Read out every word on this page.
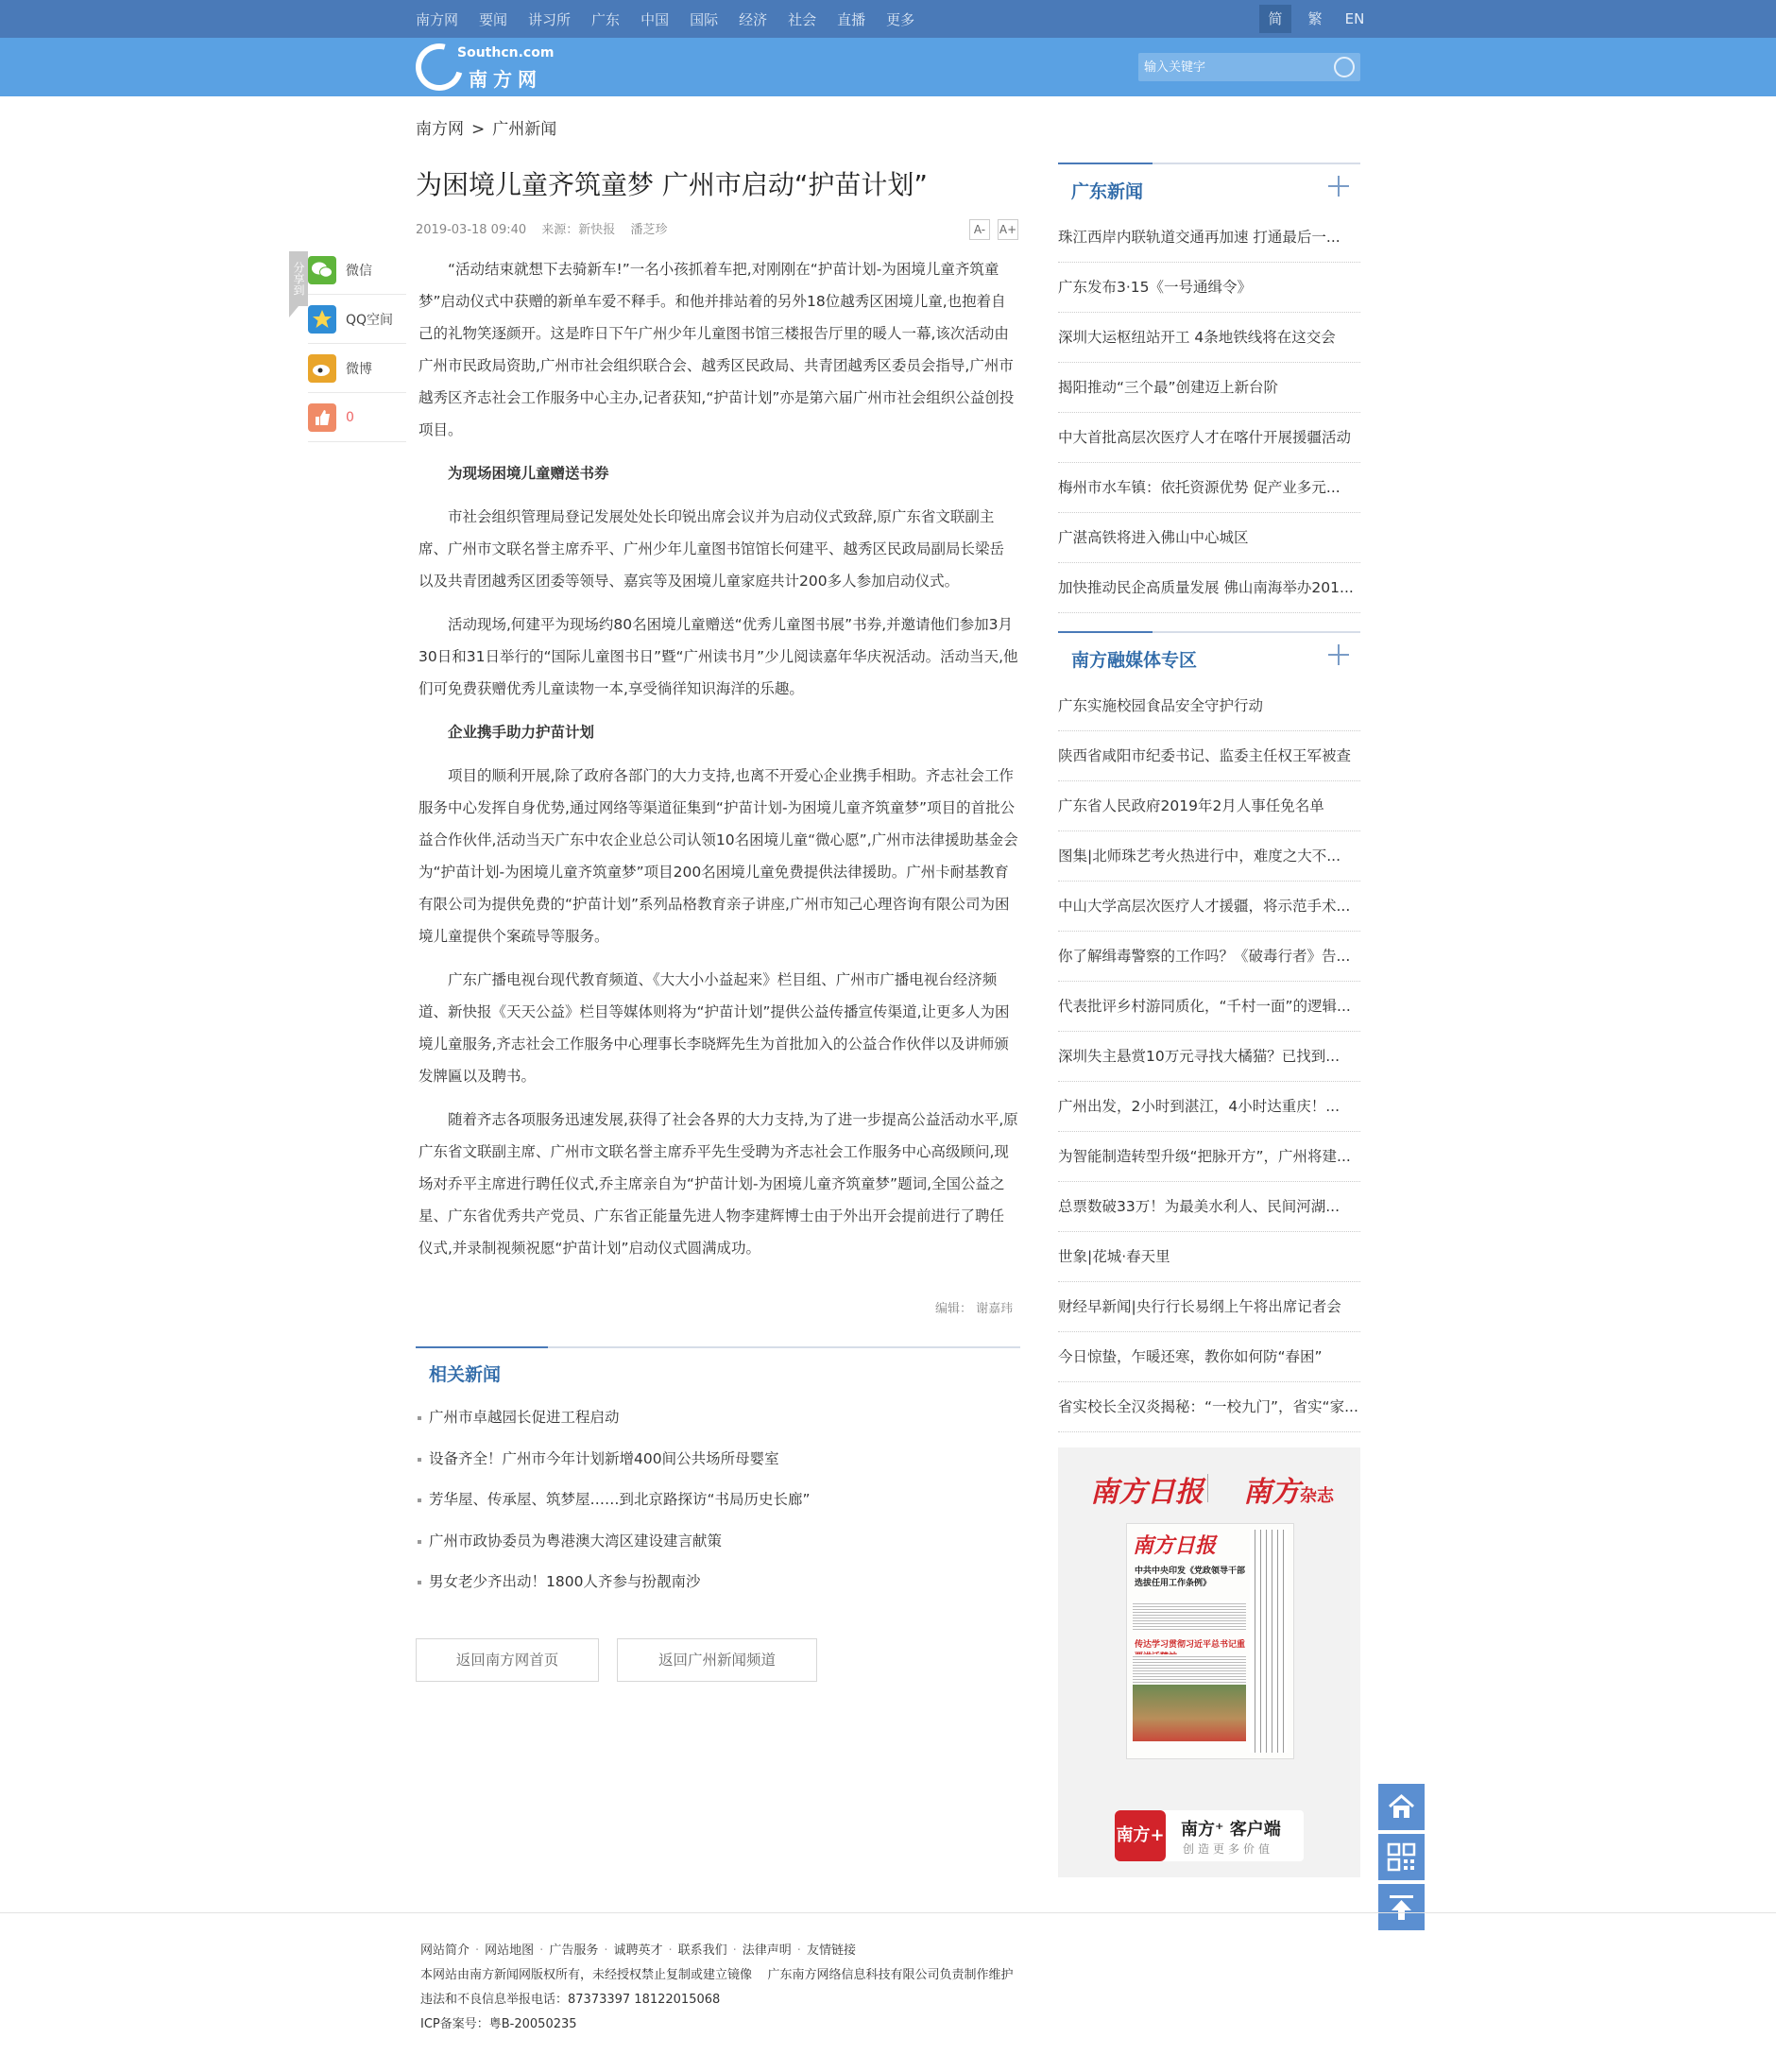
南方网 要闻 讲习所 广东 中国 国际 经济 社会 直播 更多	简	繁	EN
Southcn.com
南方网
输入关键字
南方网 > 广州新闻
为困境儿童齐筑童梦 广州市启动“护苗计划”
2019-03-18 09:40 来源：新快报 潘芝珍	A-	A+

“活动结束就想下去骑新车!”一名小孩抓着车把,对刚刚在“护苗计划-为困境儿童齐筑童梦”启动仪式中获赠的新单车爱不释手。和他并排站着的另外18位越秀区困境儿童,也抱着自己的礼物笑逐颜开。这是昨日下午广州少年儿童图书馆三楼报告厅里的暖人一幕,该次活动由广州市民政局资助,广州市社会组织联合会、越秀区民政局、共青团越秀区委员会指导,广州市越秀区齐志社会工作服务中心主办,记者获知,“护苗计划”亦是第六届广州市社会组织公益创投项目。

为现场困境儿童赠送书券

市社会组织管理局登记发展处处长印锐出席会议并为启动仪式致辞,原广东省文联副主席、广州市文联名誉主席乔平、广州少年儿童图书馆馆长何建平、越秀区民政局副局长梁岳以及共青团越秀区团委等领导、嘉宾等及困境儿童家庭共计200多人参加启动仪式。

活动现场,何建平为现场约80名困境儿童赠送“优秀儿童图书展”书券,并邀请他们参加3月30日和31日举行的“国际儿童图书日”暨“广州读书月”少儿阅读嘉年华庆祝活动。活动当天,他们可免费获赠优秀儿童读物一本,享受徜徉知识海洋的乐趣。

企业携手助力护苗计划

项目的顺利开展,除了政府各部门的大力支持,也离不开爱心企业携手相助。齐志社会工作服务中心发挥自身优势,通过网络等渠道征集到“护苗计划-为困境儿童齐筑童梦”项目的首批公益合作伙伴,活动当天广东中农企业总公司认领10名困境儿童“微心愿”,广州市法律援助基金会为“护苗计划-为困境儿童齐筑童梦”项目200名困境儿童免费提供法律援助。广州卡耐基教育有限公司为提供免费的“护苗计划”系列品格教育亲子讲座,广州市知己心理咨询有限公司为困境儿童提供个案疏导等服务。

广东广播电视台现代教育频道、《大大小小益起来》栏目组、广州市广播电视台经济频道、新快报《天天公益》栏目等媒体则将为“护苗计划”提供公益传播宣传渠道,让更多人为困境儿童服务,齐志社会工作服务中心理事长李晓辉先生为首批加入的公益合作伙伴以及讲师颁发牌匾以及聘书。

随着齐志各项服务迅速发展,获得了社会各界的大力支持,为了进一步提高公益活动水平,原广东省文联副主席、广州市文联名誉主席乔平先生受聘为齐志社会工作服务中心高级顾问,现场对乔平主席进行聘任仪式,乔主席亲自为“护苗计划-为困境儿童齐筑童梦”题词,全国公益之星、广东省优秀共产党员、广东省正能量先进人物李建辉博士由于外出开会提前进行了聘任仪式,并录制视频祝愿“护苗计划”启动仪式圆满成功。

编辑： 谢嘉玮
分享到	微信
QQ空间
微博
0
相关新闻
广州市卓越园长促进工程启动
设备齐全！广州市今年计划新增400间公共场所母婴室
芳华屋、传承屋、筑梦屋……到北京路探访“书局历史长廊”
广州市政协委员为粤港澳大湾区建设建言献策
男女老少齐出动！1800人齐参与扮靓南沙
返回南方网首页	返回广州新闻频道
广东新闻
珠江西岸内联轨道交通再加速 打通最后一...
广东发布3·15《一号通缉令》
深圳大运枢纽站开工 4条地铁线将在这交会
揭阳推动“三个最”创建迈上新台阶
中大首批高层次医疗人才在喀什开展援疆活动
梅州市水车镇：依托资源优势 促产业多元...
广湛高铁将进入佛山中心城区
加快推动民企高质量发展 佛山南海举办201...
南方融媒体专区
广东实施校园食品安全守护行动
陕西省咸阳市纪委书记、监委主任权王军被查
广东省人民政府2019年2月人事任免名单
图集|北师珠艺考火热进行中，难度之大不...
中山大学高层次医疗人才援疆，将示范手术...
你了解缉毒警察的工作吗？《破毒行者》告...
代表批评乡村游同质化，“千村一面”的逻辑...
深圳失主悬赏10万元寻找大橘猫？已找到...
广州出发，2小时到湛江，4小时达重庆！...
为智能制造转型升级“把脉开方”，广州将建...
总票数破33万！为最美水利人、民间河湖...
世象|花城·春天里
财经早新闻|央行行长易纲上午将出席记者会
今日惊蛰，乍暖还寒，教你如何防“春困”
省实校长全汉炎揭秘：“一校九门”，省实“家...
南方日报 南方杂志
南方日报
中共中央印发《党政领导干部选拔任用工作条例》
传达学习贯彻习近平总书记重
南方+ 南方⁺ 客户端
创造更多价值
网站简介 · 网站地图 · 广告服务 · 诚聘英才 · 联系我们 · 法律声明 · 友情链接
本网站由南方新闻网版权所有，未经授权禁止复制或建立镜像    广东南方网络信息科技有限公司负责制作维护
违法和不良信息举报电话：87373397 18122015068
ICP备案号：粤B-20050235
